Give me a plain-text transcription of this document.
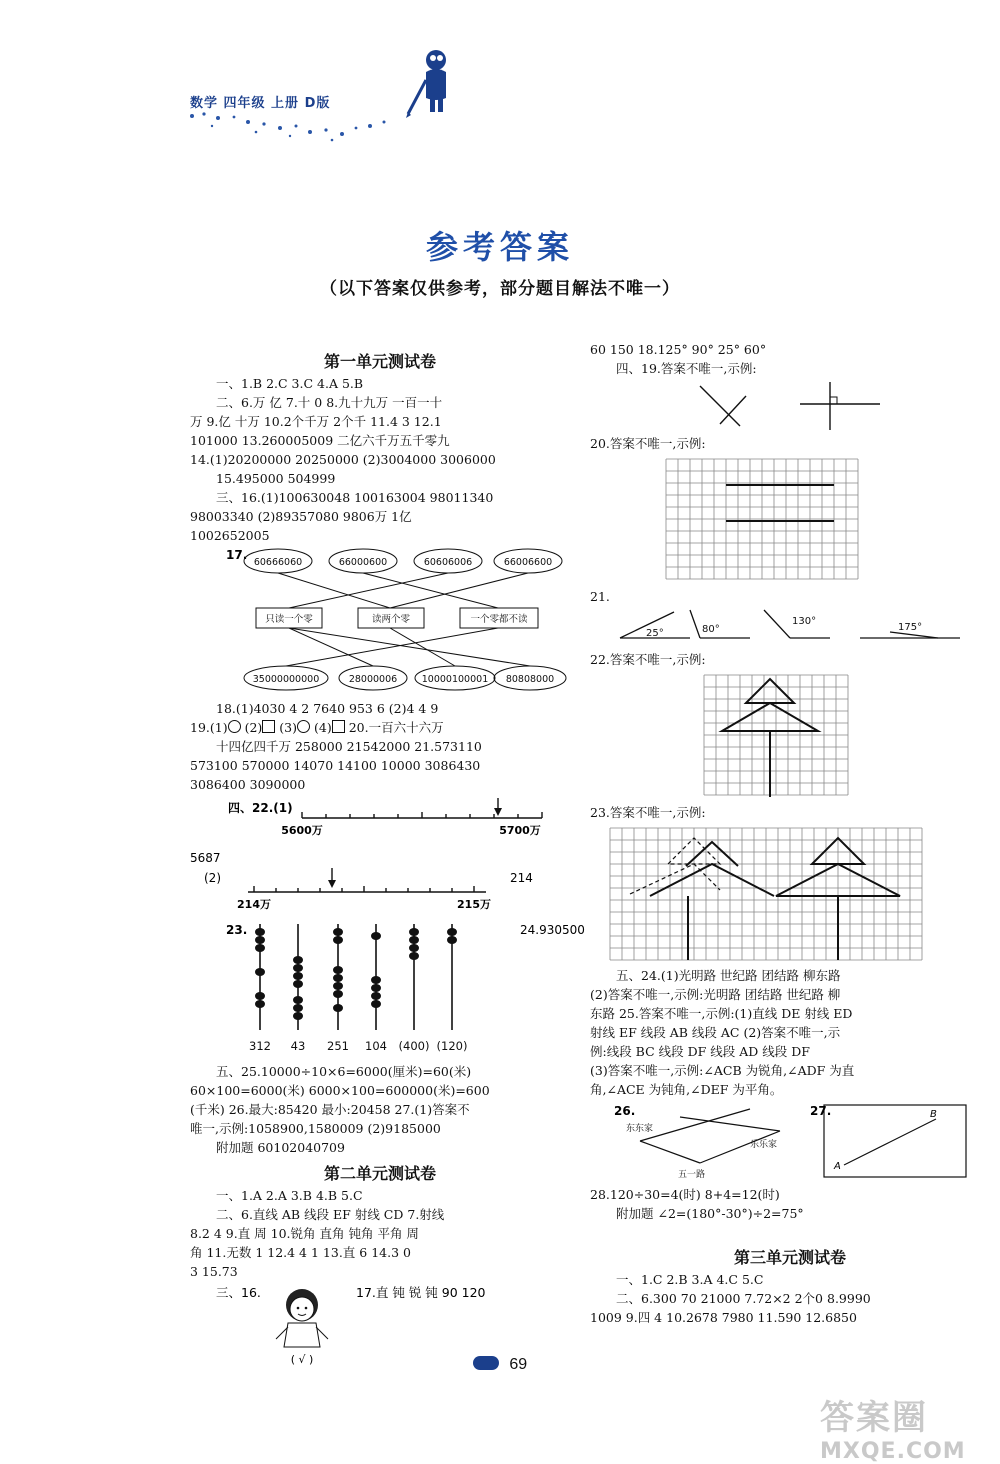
数学 四年级 上册 D版
参考答案
（以下答案仅供参考，部分题目解法不唯一）
第一单元测试卷
一、1.B 2.C 3.C 4.A 5.B
二、6.万 亿 7.十 0 8.九十九万 一百一十
万 9.亿 十万 10.2个千万 2个千 11.4 3 12.1
101000 13.260005009 二亿六千万五千零九
14.(1)20200000 20250000 (2)3004000 3006000
15.495000 504999
三、16.(1)100630048 100163004 98011340
98003340 (2)89357080 9806万 1亿
1002652005
17.
60666060	66000600	60606006	66006600
只读一个零	读两个零	一个零都不读
35000000000	28000006	10000100001 80808000
18.(1)4030 4 2 7640 953 6 (2)4 4 9
19.(1) (2) (3) (4) 20.一百六十六万
十四亿四千万 258000 21542000 21.573110
573100 570000 14070 14100 10000 3086430
3086400 3090000
四、22.(1)
5600万	5700万
5687
(2)	214
214万	215万
23.	24.930500
312 43 251 104 (400) (120)
五、25.10000÷10×6=6000(厘米)=60(米)
60×100=6000(米) 6000×100=600000(米)=600
(千米) 26.最大:85420 最小:20458 27.(1)答案不
唯一,示例:1058900,1580009 (2)9185000
附加题 60102040709
第二单元测试卷
一、1.A 2.A 3.B 4.B 5.C
二、6.直线 AB 线段 EF 射线 CD 7.射线
8.2 4 9.直 周 10.锐角 直角 钝角 平角 周
角 11.无数 1 12.4 4 1 13.直 6 14.3 0
3 15.73
三、16.	17.直 钝 锐 钝 90 120
( √ )
60 150 18.125° 90° 25° 60°
四、19.答案不唯一,示例:
20.答案不唯一,示例:
21.
25°	80°
130°
175°
22.答案不唯一,示例:
23.答案不唯一,示例:
五、24.(1)光明路 世纪路 团结路 柳东路
(2)答案不唯一,示例:光明路 团结路 世纪路 柳
东路 25.答案不唯一,示例:(1)直线 DE 射线 ED
射线 EF 线段 AB 线段 AC (2)答案不唯一,示
例:线段 BC 线段 DF 线段 AD 线段 DF
(3)答案不唯一,示例:∠ACB 为锐角,∠ADF 为直
角,∠ACE 为钝角,∠DEF 为平角。
26.
东东家
乐乐家
五一路
27.	B
A
28.120÷30=4(时) 8+4=12(时)
附加题 ∠2=(180°-30°)÷2=75°
第三单元测试卷
一、1.C 2.B 3.A 4.C 5.C
二、6.300 70 21000 7.72×2 2个0 8.9990
1009 9.四 4 10.2678 7980 11.590 12.6850
69
答案圈
MXQE.COM
